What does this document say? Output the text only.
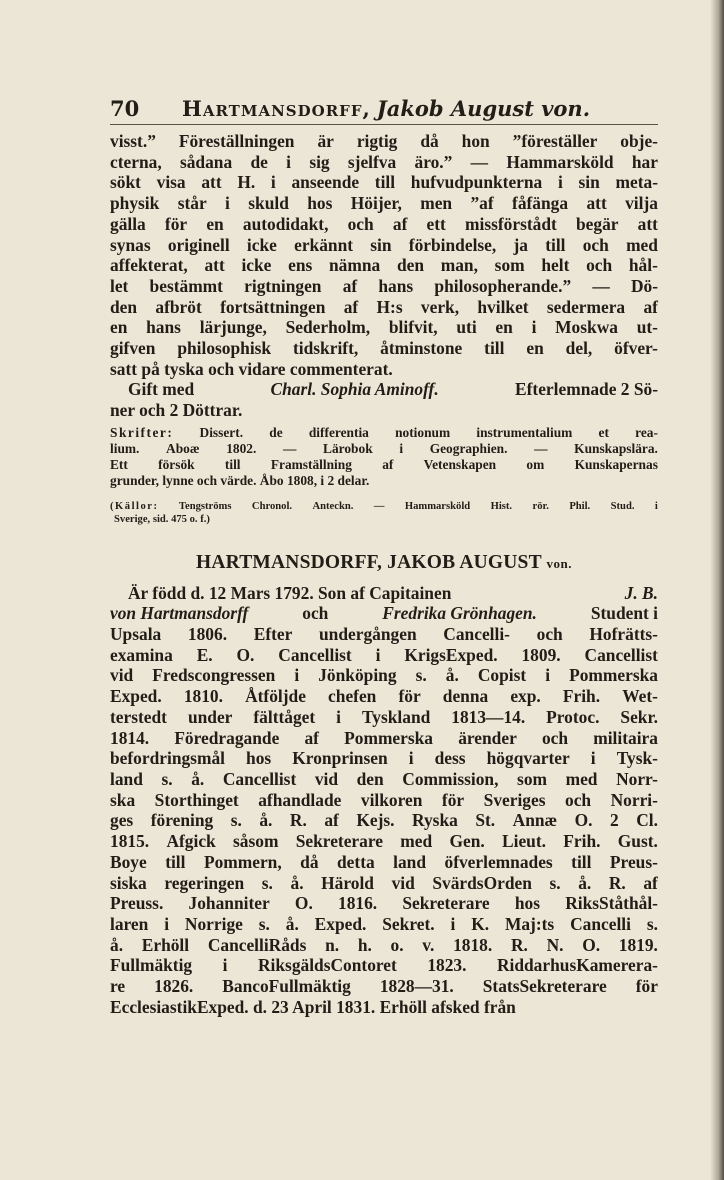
70	Hartmansdorff, Jakob August von.
visst.” Föreställningen är rigtig då hon ”föreställer obje-
cterna, sådana de i sig sjelfva äro.” — Hammarsköld har
sökt visa att H. i anseende till hufvudpunkterna i sin meta-
physik står i skuld hos Höijer, men ”af fåfänga att vilja
gälla för en autodidakt, och af ett missförstådt begär att
synas originell icke erkännt sin förbindelse, ja till och med
affekterat, att icke ens nämna den man, som helt och hål-
let bestämmt rigtningen af hans philosopherande.” — Dö-
den afbröt fortsättningen af H:s verk, hvilket sedermera af
en hans lärjunge, Sederholm, blifvit, uti en i Moskwa ut-
gifven philosophisk tidskrift, åtminstone till en del, öfver-
satt på tyska och vidare commenterat.
Gift med	Charl. Sophia Aminoff.	Efterlemnade 2 Sö-
ner och 2 Döttrar.
Skrifter: Dissert. de differentia notionum instrumentalium et rea-
lium. Aboæ 1802. — Lärobok i Geographien. — Kunskapslära.
Ett försök till Framställning af Vetenskapen om Kunskapernas
grunder, lynne och värde. Åbo 1808, i 2 delar.
(Källor: Tengströms Chronol. Anteckn. — Hammarsköld Hist. rör. Phil. Stud. i
Sverige, sid. 475 o. f.)
HARTMANSDORFF, JAKOB AUGUST von.
Är född d. 12 Mars 1792. Son af Capitainen	J. B.
von Hartmansdorff	och	Fredrika Grönhagen.	Student i
Upsala 1806. Efter undergången Cancelli- och Hofrätts-
examina E. O. Cancellist i KrigsExped. 1809. Cancellist
vid Fredscongressen i Jönköping s. å. Copist i Pommerska
Exped. 1810. Åtföljde chefen för denna exp. Frih. Wet-
terstedt under fälttåget i Tyskland 1813—14. Protoc. Sekr.
1814. Föredragande af Pommerska ärender och militaira
befordringsmål hos Kronprinsen i dess högqvarter i Tysk-
land s. å. Cancellist vid den Commission, som med Norr-
ska Storthinget afhandlade vilkoren för Sveriges och Norri-
ges förening s. å. R. af Kejs. Ryska St. Annæ O. 2 Cl.
1815. Afgick såsom Sekreterare med Gen. Lieut. Frih. Gust.
Boye till Pommern, då detta land öfverlemnades till Preus-
siska regeringen s. å. Härold vid SvärdsOrden s. å. R. af
Preuss. Johanniter O. 1816. Sekreterare hos RiksStåthål-
laren i Norrige s. å. Exped. Sekret. i K. Maj:ts Cancelli s.
å. Erhöll CancelliRåds n. h. o. v. 1818. R. N. O. 1819.
Fullmäktig i RiksgäldsContoret 1823. RiddarhusKamerera-
re 1826. BancoFullmäktig 1828—31. StatsSekreterare för
EcclesiastikExped. d. 23 April 1831. Erhöll afsked från
